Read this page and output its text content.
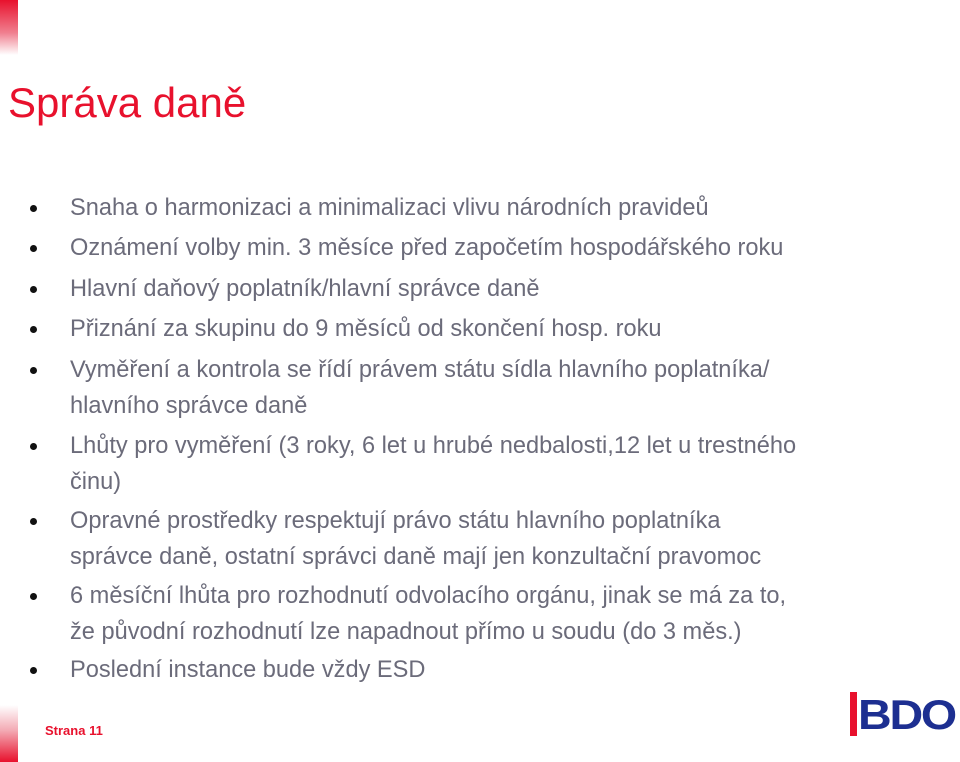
Správa daně
Snaha o harmonizaci a minimalizaci vlivu národních pravideů
Oznámení volby min. 3 měsíce před započetím hospodářského roku
Hlavní daňový poplatník/hlavní správce daně
Přiznání za skupinu do 9 měsíců od skončení hosp. roku
Vyměření a kontrola se řídí právem státu sídla hlavního poplatníka/
hlavního správce daně
Lhůty pro vyměření (3 roky, 6 let u hrubé nedbalosti,12 let u trestného
činu)
Opravné prostředky respektují právo státu hlavního poplatníka
správce daně, ostatní správci daně mají jen konzultační pravomoc
6 měsíční lhůta pro rozhodnutí odvolacího orgánu, jinak se má za to,
že původní rozhodnutí lze napadnout přímo u soudu (do 3 měs.)
Poslední instance bude vždy ESD
Strana 11	BDO
